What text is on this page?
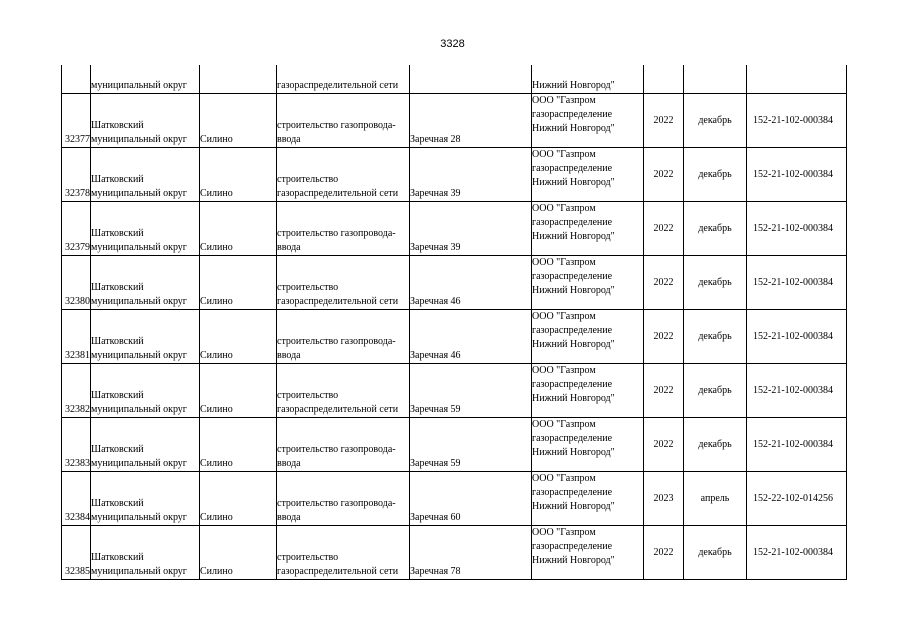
3328

	муниципальный округ		газораспределительной сети		Нижний Новгород"			

32377	Шатковский
муниципальный округ	Силино	строительство газопровода-
ввода	Заречная 28	ООО "Газпром
газораспределение
Нижний Новгород"	2022	декабрь	152-21-102-000384

32378	Шатковский
муниципальный округ	Силино	строительство
газораспределительной сети	Заречная 39	ООО "Газпром
газораспределение
Нижний Новгород"	2022	декабрь	152-21-102-000384

32379	Шатковский
муниципальный округ	Силино	строительство газопровода-
ввода	Заречная 39	ООО "Газпром
газораспределение
Нижний Новгород"	2022	декабрь	152-21-102-000384

32380	Шатковский
муниципальный округ	Силино	строительство
газораспределительной сети	Заречная 46	ООО "Газпром
газораспределение
Нижний Новгород"	2022	декабрь	152-21-102-000384

32381	Шатковский
муниципальный округ	Силино	строительство газопровода-
ввода	Заречная 46	ООО "Газпром
газораспределение
Нижний Новгород"	2022	декабрь	152-21-102-000384

32382	Шатковский
муниципальный округ	Силино	строительство
газораспределительной сети	Заречная 59	ООО "Газпром
газораспределение
Нижний Новгород"	2022	декабрь	152-21-102-000384

32383	Шатковский
муниципальный округ	Силино	строительство газопровода-
ввода	Заречная 59	ООО "Газпром
газораспределение
Нижний Новгород"	2022	декабрь	152-21-102-000384

32384	Шатковский
муниципальный округ	Силино	строительство газопровода-
ввода	Заречная 60	ООО "Газпром
газораспределение
Нижний Новгород"	2023	апрель	152-22-102-014256

32385	Шатковский
муниципальный округ	Силино	строительство
газораспределительной сети	Заречная 78	ООО "Газпром
газораспределение
Нижний Новгород"	2022	декабрь	152-21-102-000384
